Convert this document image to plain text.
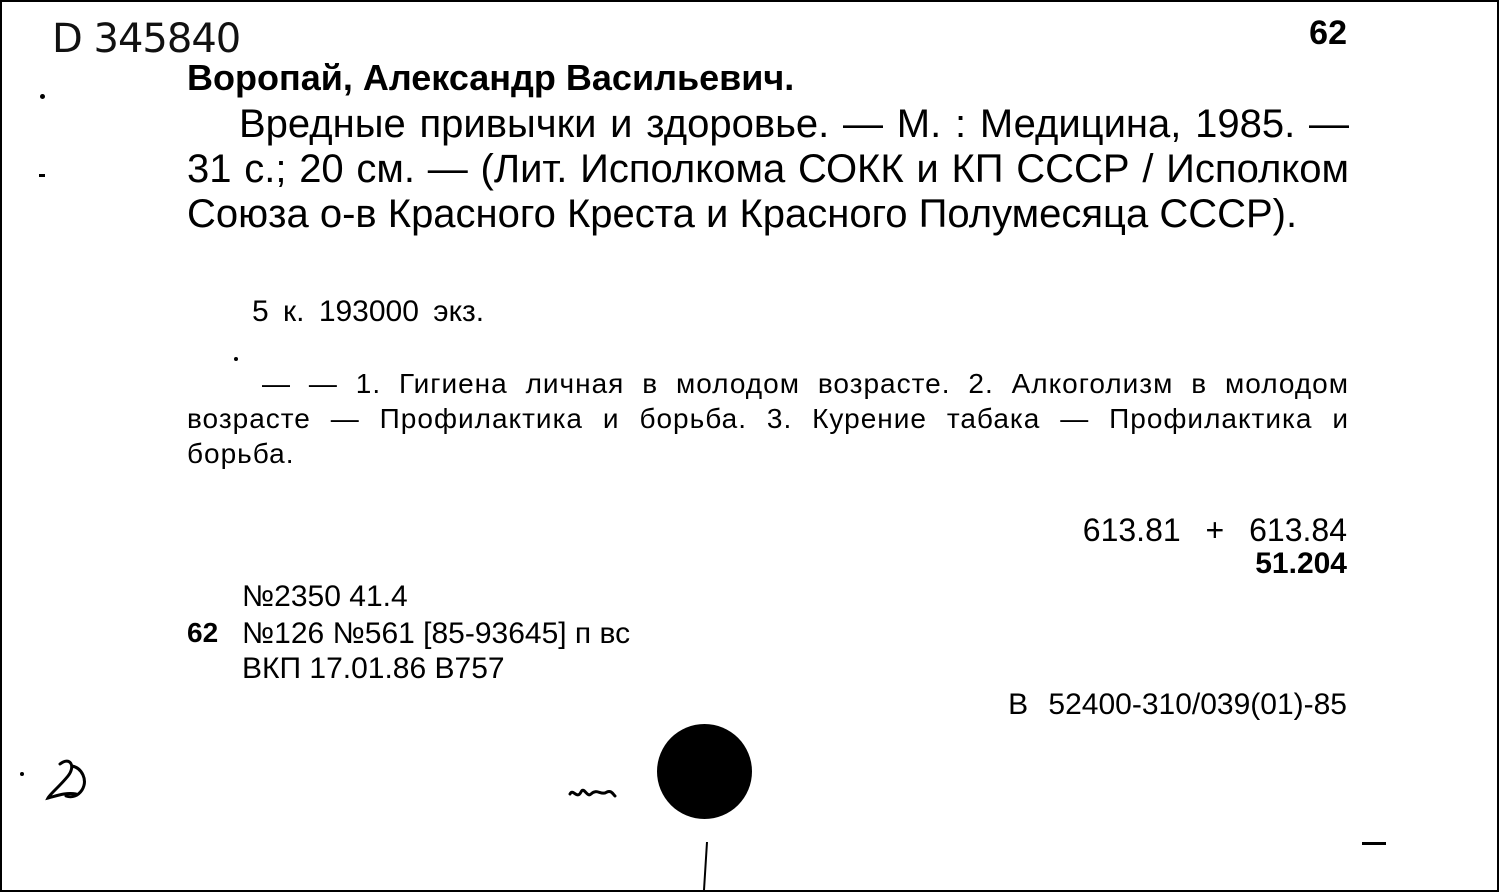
D 345840	62
Воропай, Александр Васильевич.
Вредные привычки и здоровье. — М. : Медицина, 1985. — 31 с.; 20 см. — (Лит. Исполкома СОКК и КП СССР / Исполком Союза о-в Красного Креста и Красного Полумесяца СССР).
5 к. 193000 экз.
— — 1. Гигиена личная в молодом возрасте. 2. Алкоголизм в молодом возрасте — Профилактика и борьба. 3. Курение табака — Профилактика и борьба.
613.81 + 613.84
51.204
№2350 41.4
62 №126 №561 [85-93645] п вс
ВКП 17.01.86 В757
В 52400-310/039(01)-85
